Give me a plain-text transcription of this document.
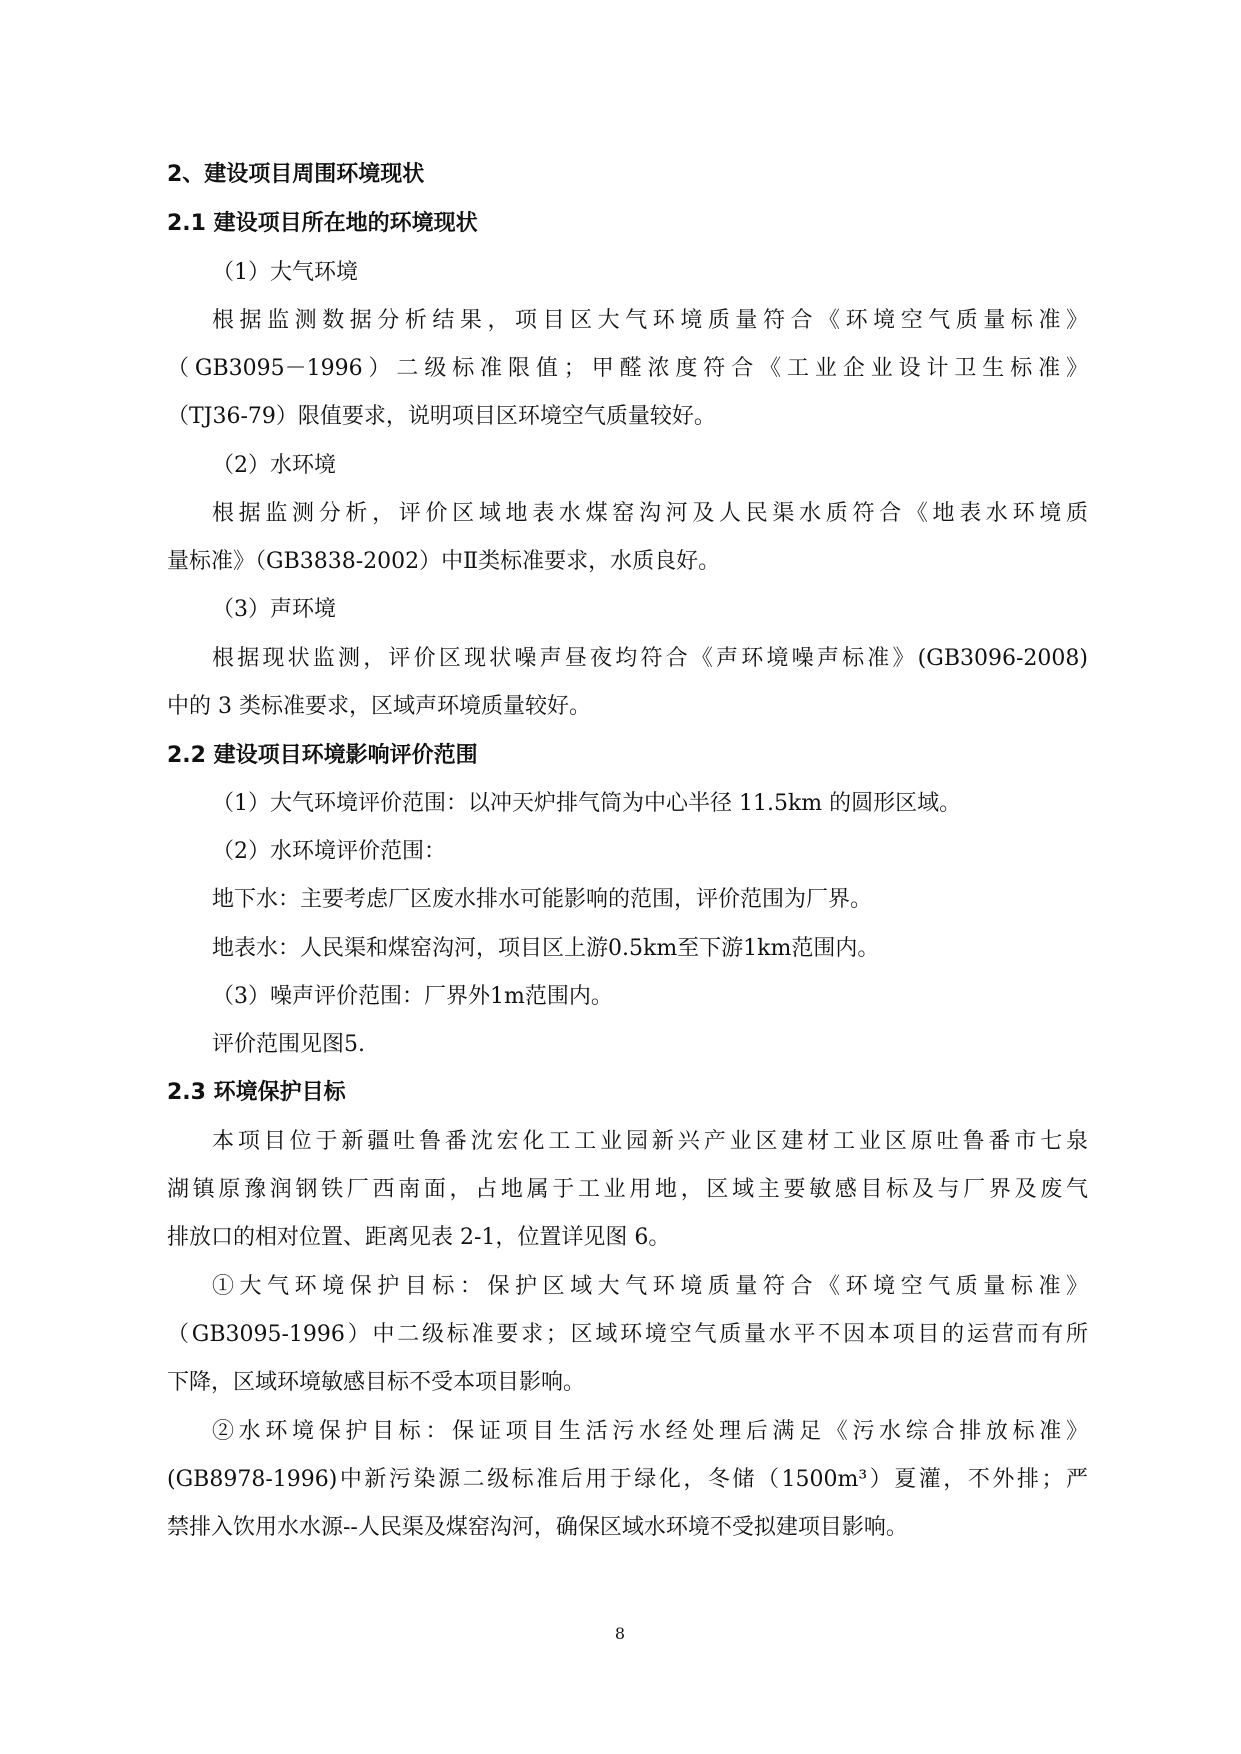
2、建设项目周围环境现状
2.1 建设项目所在地的环境现状
（1）大气环境
根据监测数据分析结果，项目区大气环境质量符合《环境空气质量标准》
（GB3095－1996）二级标准限值；甲醛浓度符合《工业企业设计卫生标准》
（TJ36-79）限值要求，说明项目区环境空气质量较好。
（2）水环境
根据监测分析，评价区域地表水煤窑沟河及人民渠水质符合《地表水环境质
量标准》（GB3838-2002）中Ⅱ类标准要求，水质良好。
（3）声环境
根据现状监测，评价区现状噪声昼夜均符合《声环境噪声标准》(GB3096-2008)
中的 3 类标准要求，区域声环境质量较好。
2.2 建设项目环境影响评价范围
（1）大气环境评价范围：以冲天炉排气筒为中心半径 11.5km 的圆形区域。
（2）水环境评价范围：
地下水：主要考虑厂区废水排水可能影响的范围，评价范围为厂界。
地表水：人民渠和煤窑沟河，项目区上游0.5km至下游1km范围内。
（3）噪声评价范围：厂界外1m范围内。
评价范围见图5.
2.3 环境保护目标
本项目位于新疆吐鲁番沈宏化工工业园新兴产业区建材工业区原吐鲁番市七泉
湖镇原豫润钢铁厂西南面，占地属于工业用地，区域主要敏感目标及与厂界及废气
排放口的相对位置、距离见表 2-1，位置详见图 6。
①大气环境保护目标：保护区域大气环境质量符合《环境空气质量标准》
（GB3095-1996）中二级标准要求；区域环境空气质量水平不因本项目的运营而有所
下降，区域环境敏感目标不受本项目影响。
②水环境保护目标：保证项目生活污水经处理后满足《污水综合排放标准》
(GB8978-1996)中新污染源二级标准后用于绿化，冬储（1500m³）夏灌，不外排；严
禁排入饮用水水源--人民渠及煤窑沟河，确保区域水环境不受拟建项目影响。
8
